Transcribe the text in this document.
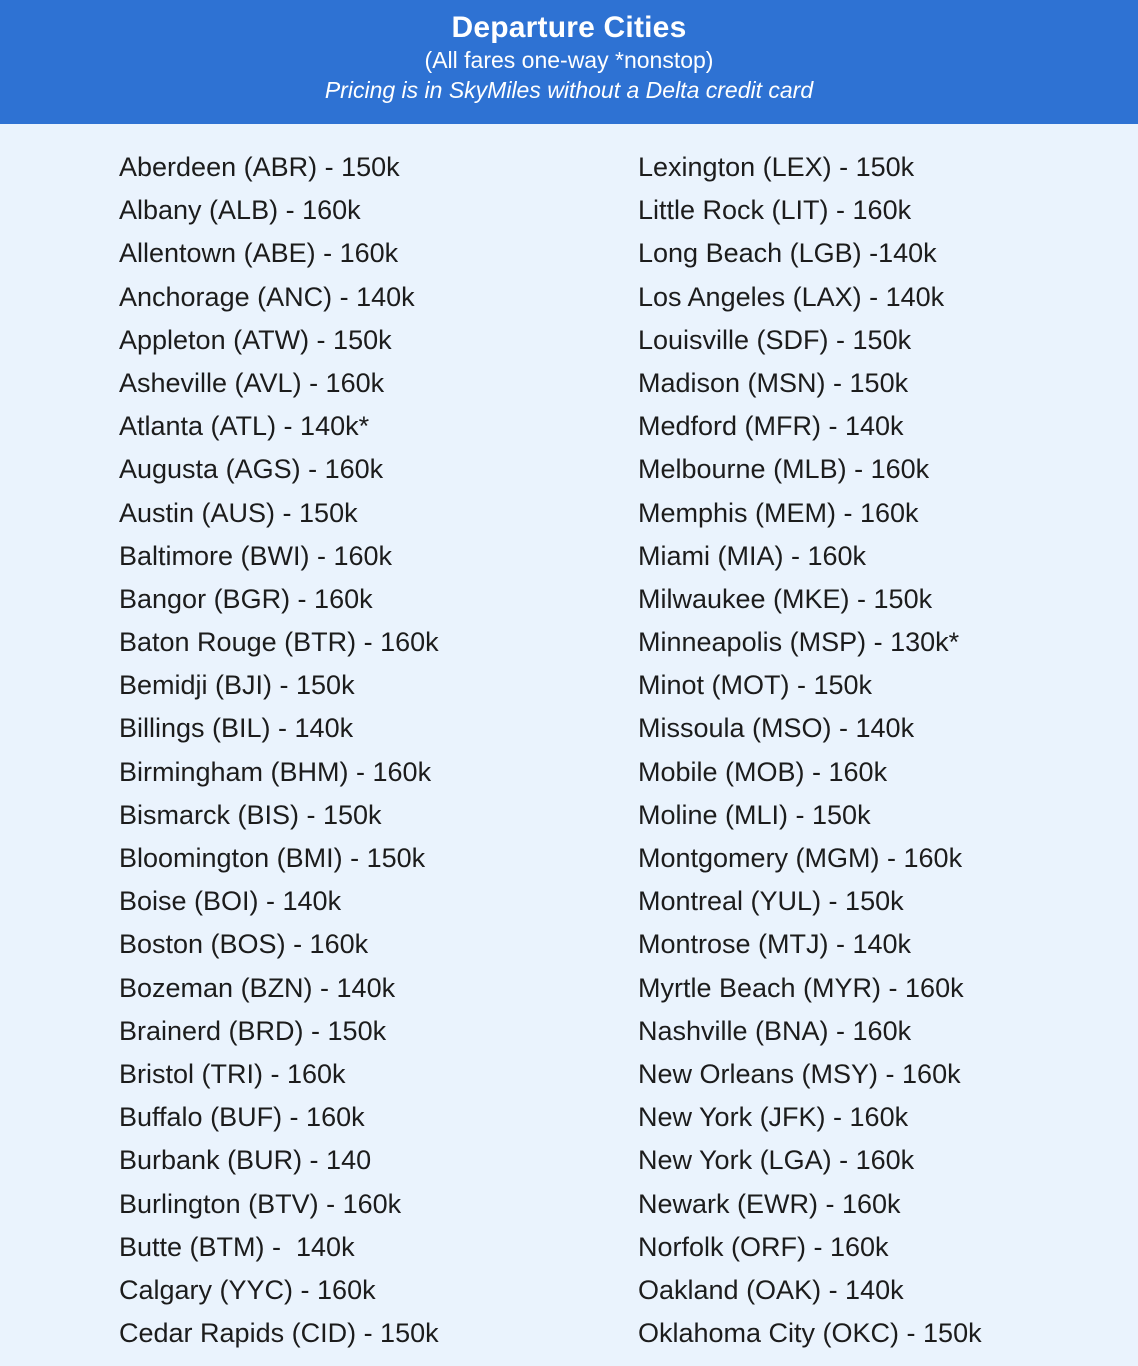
Departure Cities
(All fares one-way *nonstop)
Pricing is in SkyMiles without a Delta credit card
Aberdeen (ABR) - 150k
Albany (ALB) - 160k
Allentown (ABE) - 160k
Anchorage (ANC) - 140k
Appleton (ATW) - 150k
Asheville (AVL) - 160k
Atlanta (ATL) - 140k*
Augusta (AGS) - 160k
Austin (AUS) - 150k
Baltimore (BWI) - 160k
Bangor (BGR) - 160k
Baton Rouge (BTR) - 160k
Bemidji (BJI) - 150k
Billings (BIL) - 140k
Birmingham (BHM) - 160k
Bismarck (BIS) - 150k
Bloomington (BMI) - 150k
Boise (BOI) - 140k
Boston (BOS) - 160k
Bozeman (BZN) - 140k
Brainerd (BRD) - 150k
Bristol (TRI) - 160k
Buffalo (BUF) - 160k
Burbank (BUR) - 140
Burlington (BTV) - 160k
Butte (BTM) -  140k
Calgary (YYC) - 160k
Cedar Rapids (CID) - 150k
Lexington (LEX) - 150k
Little Rock (LIT) - 160k
Long Beach (LGB) -140k
Los Angeles (LAX) - 140k
Louisville (SDF) - 150k
Madison (MSN) - 150k
Medford (MFR) - 140k
Melbourne (MLB) - 160k
Memphis (MEM) - 160k
Miami (MIA) - 160k
Milwaukee (MKE) - 150k
Minneapolis (MSP) - 130k*
Minot (MOT) - 150k
Missoula (MSO) - 140k
Mobile (MOB) - 160k
Moline (MLI) - 150k
Montgomery (MGM) - 160k
Montreal (YUL) - 150k
Montrose (MTJ) - 140k
Myrtle Beach (MYR) - 160k
Nashville (BNA) - 160k
New Orleans (MSY) - 160k
New York (JFK) - 160k
New York (LGA) - 160k
Newark (EWR) - 160k
Norfolk (ORF) - 160k
Oakland (OAK) - 140k
Oklahoma City (OKC) - 150k
